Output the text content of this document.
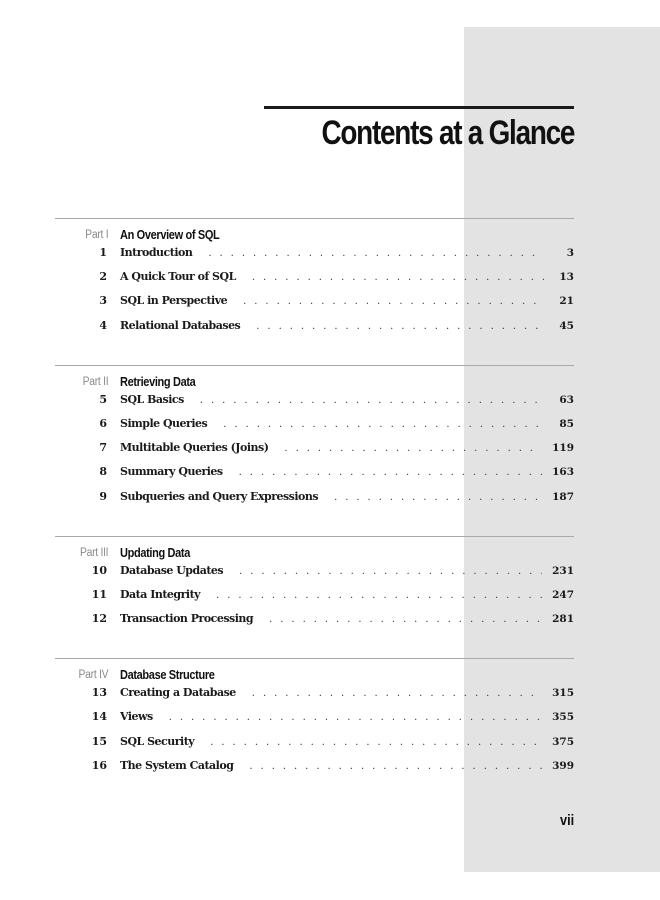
Contents at a Glance
Part I An Overview of SQL
1	Introduction . . .	3
2	A Quick Tour of SQL . . .	13
3	SQL in Perspective . . .	21
4	Relational Databases . . .	45
Part II Retrieving Data
5	SQL Basics . . .	63
6	Simple Queries . . .	85
7	Multitable Queries (Joins) . . .	119
8	Summary Queries . . .	163
9	Subqueries and Query Expressions . . .	187
Part III Updating Data
10	Database Updates . . .	231
11	Data Integrity . . .	247
12	Transaction Processing . . .	281
Part IV Database Structure
13	Creating a Database . . .	315
14	Views . . .	355
15	SQL Security . . .	375
16	The System Catalog . . .	399
vii
